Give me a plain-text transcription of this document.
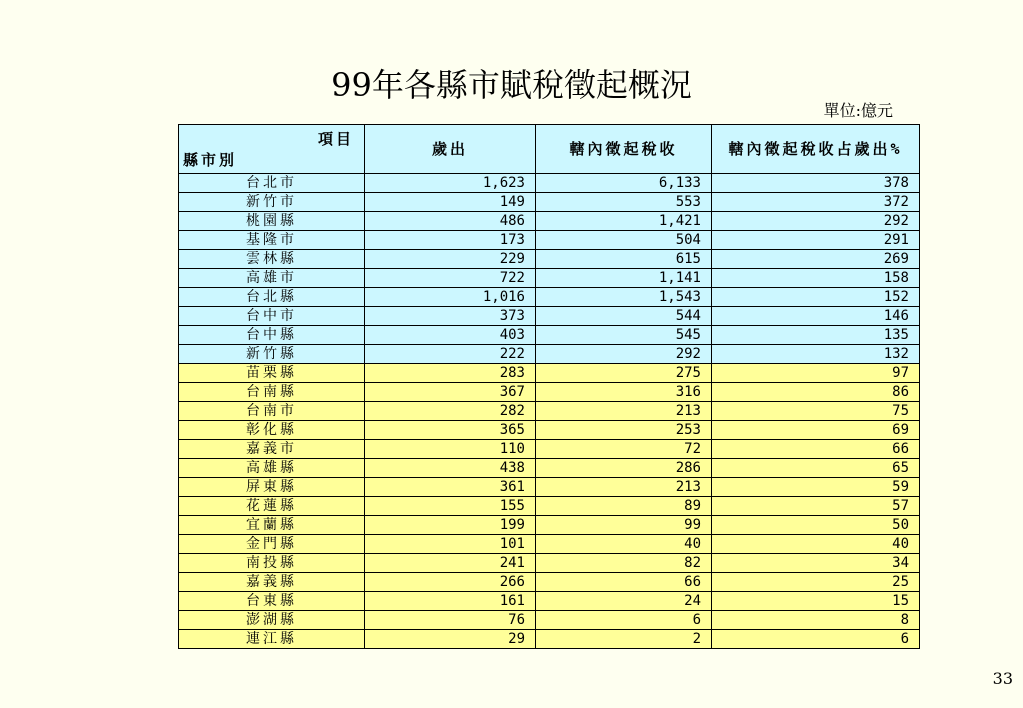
99年各縣市賦稅徵起概況
單位:億元
項目
縣市別	歲出	轄內徵起稅收	轄內徵起稅收占歲出%
台北市	1,623	6,133	378
新竹市	149	553	372
桃園縣	486	1,421	292
基隆市	173	504	291
雲林縣	229	615	269
高雄市	722	1,141	158
台北縣	1,016	1,543	152
台中市	373	544	146
台中縣	403	545	135
新竹縣	222	292	132
苗栗縣	283	275	97
台南縣	367	316	86
台南市	282	213	75
彰化縣	365	253	69
嘉義市	110	72	66
高雄縣	438	286	65
屏東縣	361	213	59
花蓮縣	155	89	57
宜蘭縣	199	99	50
金門縣	101	40	40
南投縣	241	82	34
嘉義縣	266	66	25
台東縣	161	24	15
澎湖縣	76	6	8
連江縣	29	2	6
33
